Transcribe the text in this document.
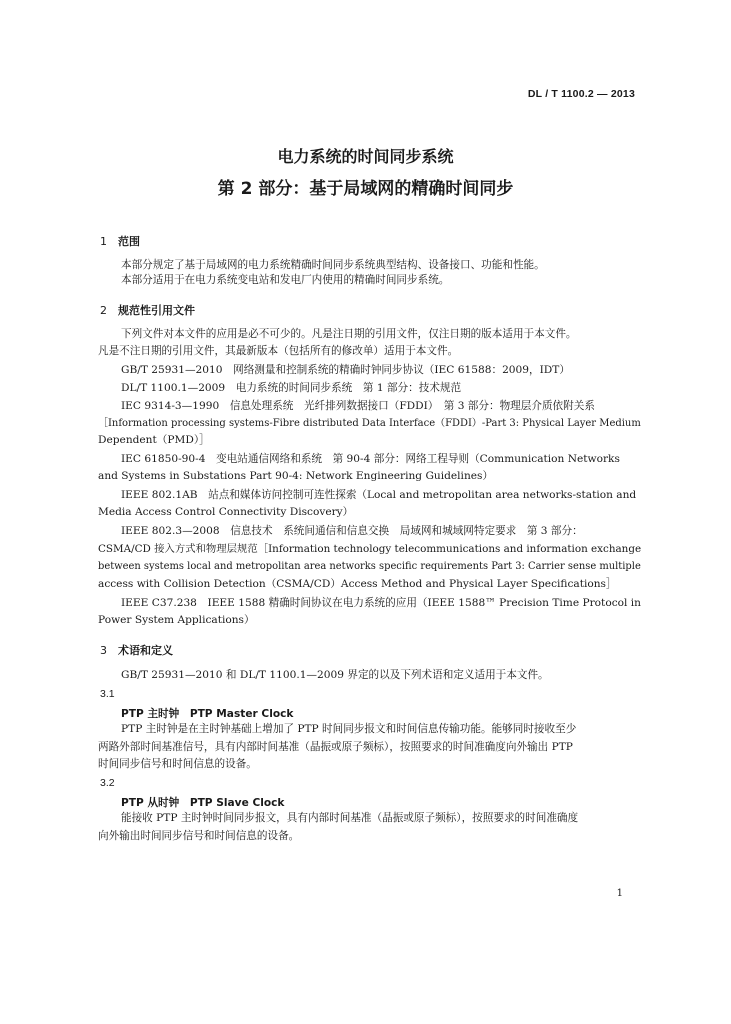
DL / T 1100.2 — 2013
电力系统的时间同步系统
第 2 部分：基于局域网的精确时间同步
1 范围
本部分规定了基于局域网的电力系统精确时间同步系统典型结构、设备接口、功能和性能。
本部分适用于在电力系统变电站和发电厂内使用的精确时间同步系统。
2 规范性引用文件
下列文件对本文件的应用是必不可少的。凡是注日期的引用文件，仅注日期的版本适用于本文件。
凡是不注日期的引用文件，其最新版本（包括所有的修改单）适用于本文件。
GB/T 25931—2010　网络测量和控制系统的精确时钟同步协议（IEC 61588：2009，IDT）
DL/T 1100.1—2009　电力系统的时间同步系统　第 1 部分：技术规范
IEC 9314-3—1990　信息处理系统　光纤排列数据接口（FDDI）　第 3 部分：物理层介质依附关系
［Information processing systems-Fibre distributed Data Interface（FDDI）-Part 3: Physical Layer Medium
Dependent（PMD）］
IEC 61850-90-4　变电站通信网络和系统　第 90-4 部分：网络工程导则（Communication Networks
and Systems in Substations Part 90-4: Network Engineering Guidelines）
IEEE 802.1AB　站点和媒体访问控制可连性探索（Local and metropolitan area networks-station and
Media Access Control Connectivity Discovery）
IEEE 802.3—2008　信息技术　系统间通信和信息交换　局域网和城域网特定要求　第 3 部分：
CSMA/CD 接入方式和物理层规范［Information technology telecommunications and information exchange
between systems local and metropolitan area networks specific requirements Part 3: Carrier sense multiple
access with Collision Detection（CSMA/CD）Access Method and Physical Layer Specifications］
IEEE C37.238　IEEE 1588 精确时间协议在电力系统的应用（IEEE 1588™ Precision Time Protocol in
Power System Applications）
3 术语和定义
GB/T 25931—2010 和 DL/T 1100.1—2009 界定的以及下列术语和定义适用于本文件。
3.1
PTP 主时钟　PTP Master Clock
PTP 主时钟是在主时钟基础上增加了 PTP 时间同步报文和时间信息传输功能。能够同时接收至少
两路外部时间基准信号，具有内部时间基准（晶振或原子频标），按照要求的时间准确度向外输出 PTP
时间同步信号和时间信息的设备。
3.2
PTP 从时钟　PTP Slave Clock
能接收 PTP 主时钟时间同步报文，具有内部时间基准（晶振或原子频标），按照要求的时间准确度
向外输出时间同步信号和时间信息的设备。
1
